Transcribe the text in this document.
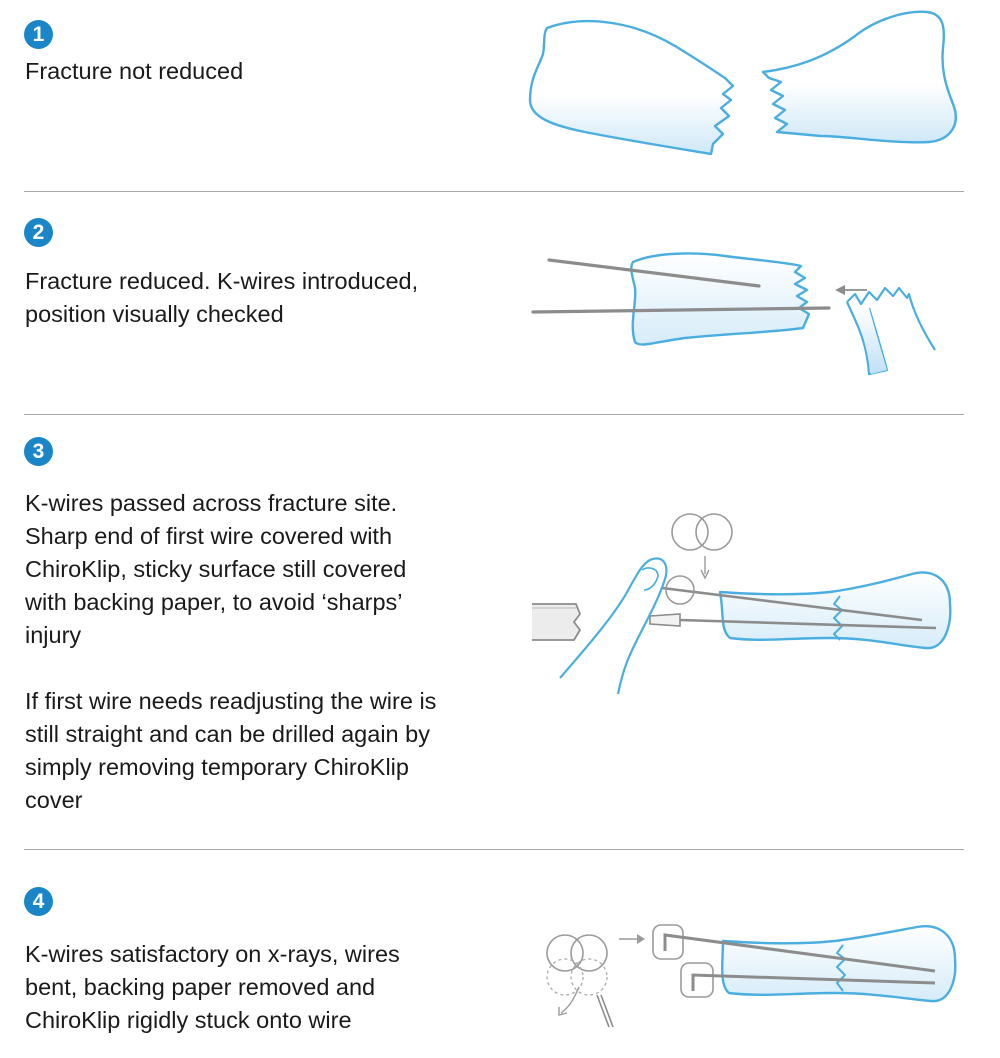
1

Fracture not reduced

2

Fracture reduced. K-wires introduced,
position visually checked

3

K-wires passed across fracture site.
Sharp end of first wire covered with
ChiroKlip, sticky surface still covered
with backing paper, to avoid ‘sharps’
injury

If first wire needs readjusting the wire is
still straight and can be drilled again by
simply removing temporary ChiroKlip
cover

4

K-wires satisfactory on x-rays, wires
bent, backing paper removed and
ChiroKlip rigidly stuck onto wire
